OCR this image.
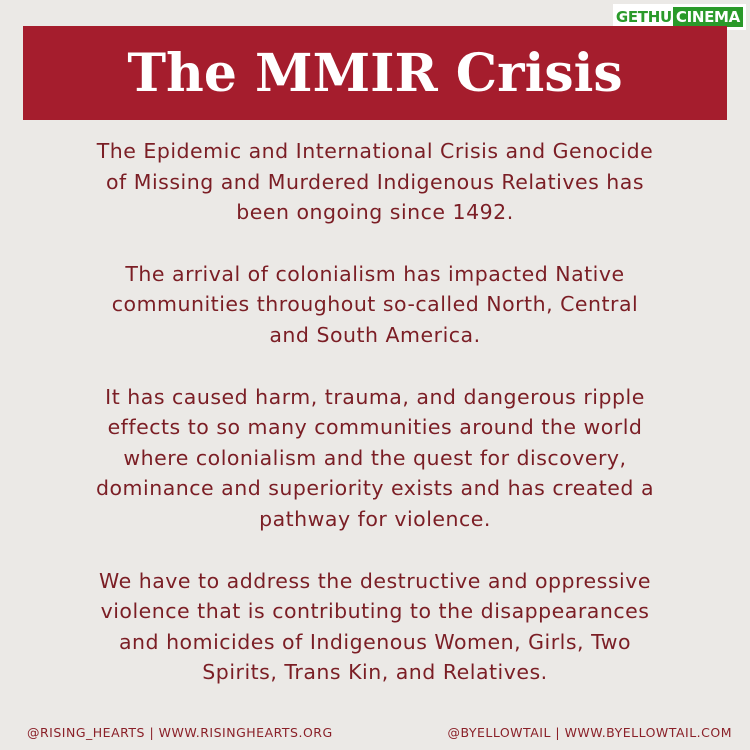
GETHU CINEMA
The MMIR Crisis

The Epidemic and International Crisis and Genocide
of Missing and Murdered Indigenous Relatives has
been ongoing since 1492.

The arrival of colonialism has impacted Native
communities throughout so-called North, Central
and South America.

It has caused harm, trauma, and dangerous ripple
effects to so many communities around the world
where colonialism and the quest for discovery,
dominance and superiority exists and has created a
pathway for violence.

We have to address the destructive and oppressive
violence that is contributing to the disappearances
and homicides of Indigenous Women, Girls, Two
Spirits, Trans Kin, and Relatives.

@RISING_HEARTS | WWW.RISINGHEARTS.ORG	@BYELLOWTAIL | WWW.BYELLOWTAIL.COM
